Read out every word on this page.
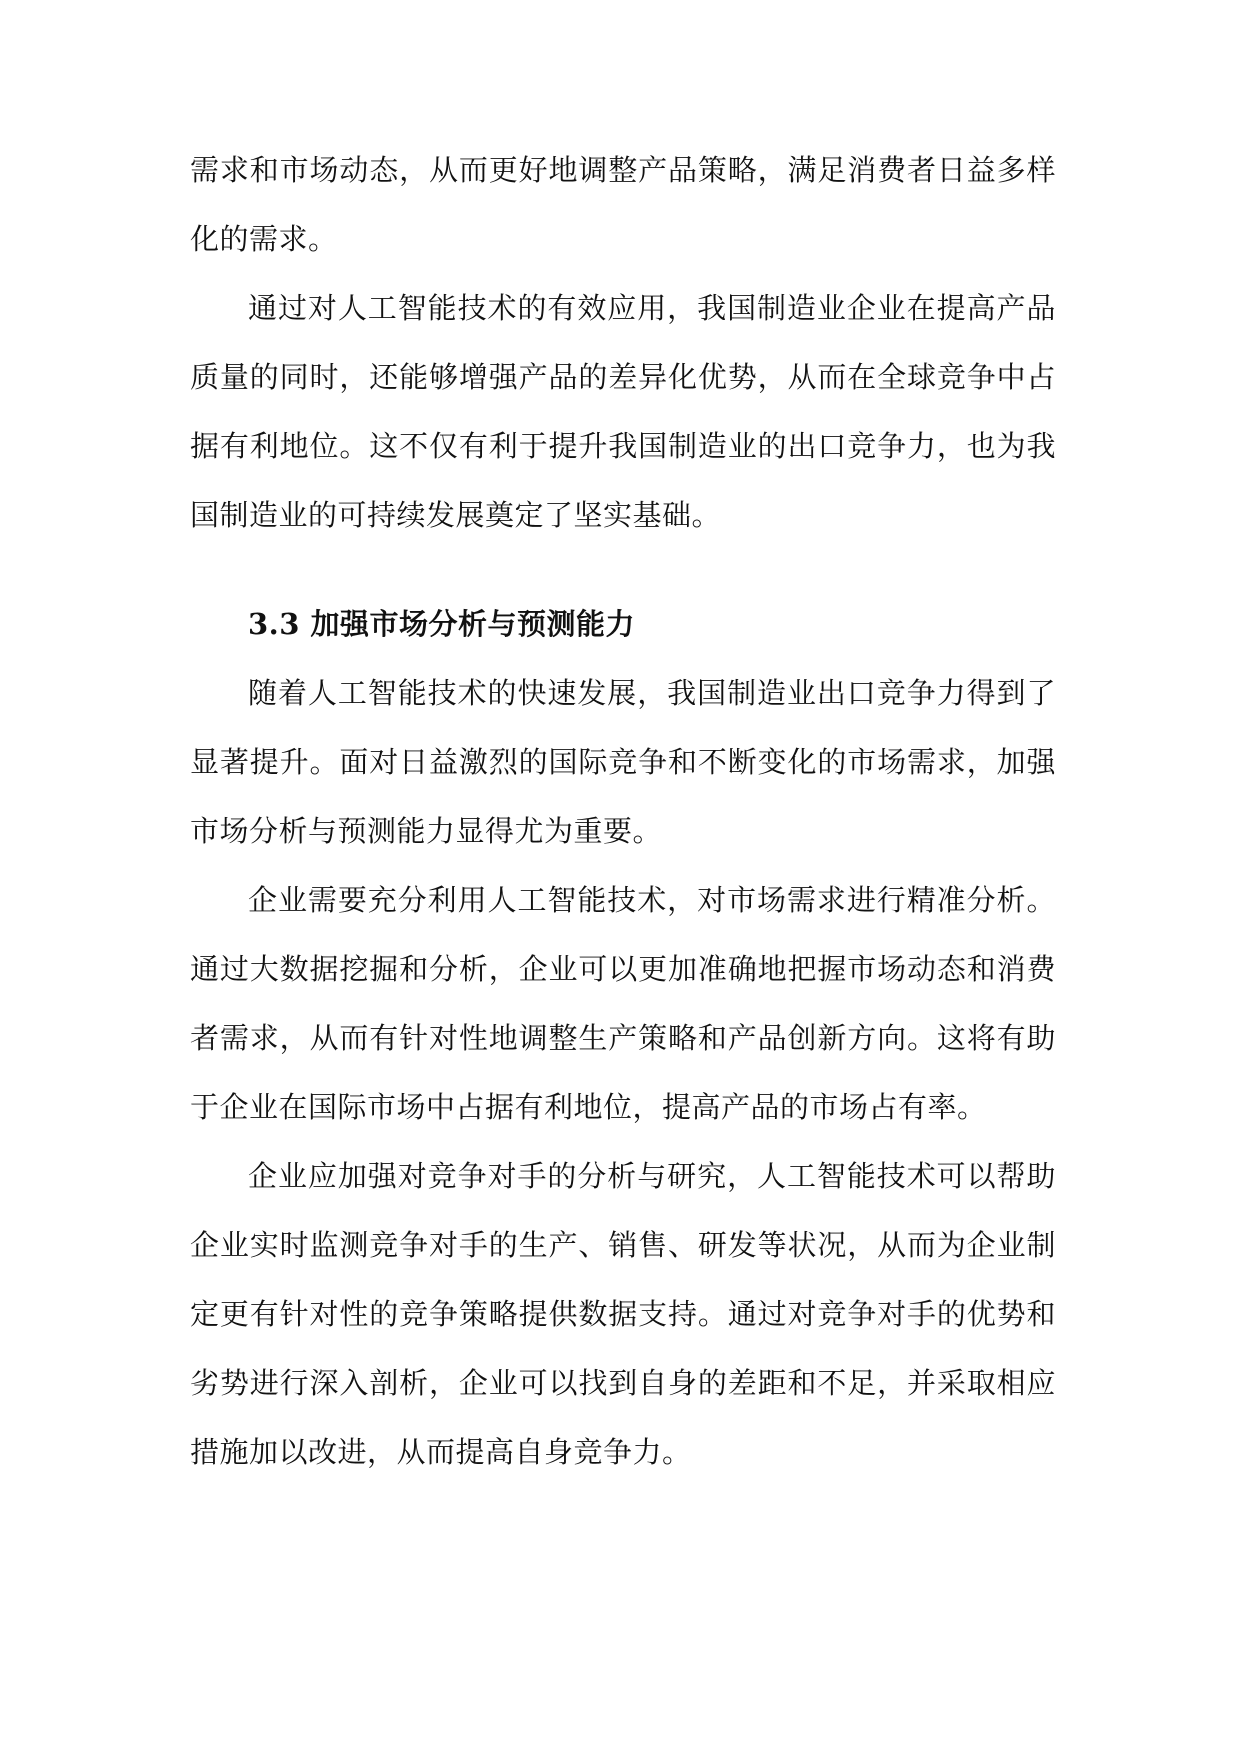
需求和市场动态，从而更好地调整产品策略，满足消费者日益多样化的需求。

通过对人工智能技术的有效应用，我国制造业企业在提高产品质量的同时，还能够增强产品的差异化优势，从而在全球竞争中占据有利地位。这不仅有利于提升我国制造业的出口竞争力，也为我国制造业的可持续发展奠定了坚实基础。

3.3 加强市场分析与预测能力

随着人工智能技术的快速发展，我国制造业出口竞争力得到了显著提升。面对日益激烈的国际竞争和不断变化的市场需求，加强市场分析与预测能力显得尤为重要。

企业需要充分利用人工智能技术，对市场需求进行精准分析。通过大数据挖掘和分析，企业可以更加准确地把握市场动态和消费者需求，从而有针对性地调整生产策略和产品创新方向。这将有助于企业在国际市场中占据有利地位，提高产品的市场占有率。

企业应加强对竞争对手的分析与研究，人工智能技术可以帮助企业实时监测竞争对手的生产、销售、研发等状况，从而为企业制定更有针对性的竞争策略提供数据支持。通过对竞争对手的优势和劣势进行深入剖析，企业可以找到自身的差距和不足，并采取相应措施加以改进，从而提高自身竞争力。
